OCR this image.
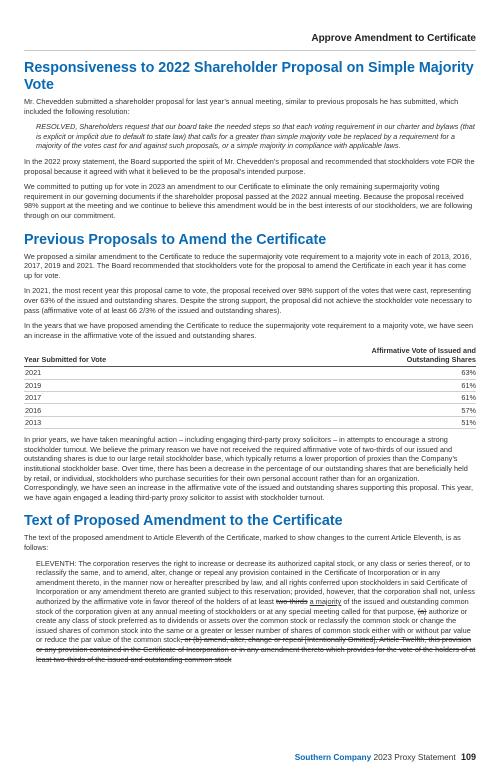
Approve Amendment to Certificate
Responsiveness to 2022 Shareholder Proposal on Simple Majority Vote

Mr. Chevedden submitted a shareholder proposal for last year’s annual meeting, similar to previous proposals he has submitted, which included the following resolution:

RESOLVED, Shareholders request that our board take the needed steps so that each voting requirement in our charter and bylaws (that is explicit or implicit due to default to state law) that calls for a greater than simple majority vote be replaced by a requirement for a majority of the votes cast for and against such proposals, or a simple majority in compliance with applicable laws.

In the 2022 proxy statement, the Board supported the spirit of Mr. Chevedden’s proposal and recommended that stockholders vote FOR the proposal because it agreed with what it believed to be the proposal’s intended purpose.

We committed to putting up for vote in 2023 an amendment to our Certificate to eliminate the only remaining supermajority voting requirement in our governing documents if the shareholder proposal passed at the 2022 annual meeting. Because the proposal received 98% support at the meeting and we continue to believe this amendment would be in the best interests of our stockholders, we are following through on our commitment.

Previous Proposals to Amend the Certificate

We proposed a similar amendment to the Certificate to reduce the supermajority vote requirement to a majority vote in each of 2013, 2016, 2017, 2019 and 2021. The Board recommended that stockholders vote for the proposal to amend the Certificate in each year it has come up for vote.

In 2021, the most recent year this proposal came to vote, the proposal received over 98% support of the votes that were cast, representing over 63% of the issued and outstanding shares. Despite the strong support, the proposal did not achieve the stockholder vote necessary to pass (affirmative vote of at least 66 2/3% of the issued and outstanding shares).

In the years that we have proposed amending the Certificate to reduce the supermajority vote requirement to a majority vote, we have seen an increase in the affirmative vote of the issued and outstanding shares.

Year Submitted for Vote	Affirmative Vote of Issued and
Outstanding Shares
2021	63%
2019	61%
2017	61%
2016	57%
2013	51%

In prior years, we have taken meaningful action – including engaging third-party proxy solicitors – in attempts to encourage a strong stockholder turnout. We believe the primary reason we have not received the required affirmative vote of two-thirds of our issued and outstanding shares is due to our large retail stockholder base, which typically returns a lower proportion of proxies than the Company’s institutional stockholder base. Over time, there has been a decrease in the percentage of our outstanding shares that are beneficially held by retail, or individual, stockholders who purchase securities for their own personal account rather than for an organization. Correspondingly, we have seen an increase in the affirmative vote of the issued and outstanding shares supporting this proposal. This year, we have again engaged a leading third-party proxy solicitor to assist with stockholder turnout.

Text of Proposed Amendment to the Certificate

The text of the proposed amendment to Article Eleventh of the Certificate, marked to show changes to the current Article Eleventh, is as follows:

ELEVENTH: The corporation reserves the right to increase or decrease its authorized capital stock, or any class or series thereof, or to reclassify the same, and to amend, alter, change or repeal any provision contained in the Certificate of Incorporation or in any amendment thereto, in the manner now or hereafter prescribed by law, and all rights conferred upon stockholders in said Certificate of Incorporation or any amendment thereto are granted subject to this reservation; provided, however, that the corporation shall not, unless authorized by the affirmative vote in favor thereof of the holders of at least two-thirds a majority of the issued and outstanding common stock of the corporation given at any annual meeting of stockholders or at any special meeting called for that purpose, (a) authorize or create any class of stock preferred as to dividends or assets over the common stock or reclassify the common stock or change the issued shares of common stock into the same or a greater or lesser number of shares of common stock either with or without par value or reduce the par value of the common stock, or (b) amend, alter, change or repeal [Intentionally Omitted], Article Twelfth, this provision or any provision contained in the Certificate of Incorporation or in any amendment thereto which provides for the vote of the holders of at least two-thirds of the issued and outstanding common stock

Southern Company 2023 Proxy Statement 109
